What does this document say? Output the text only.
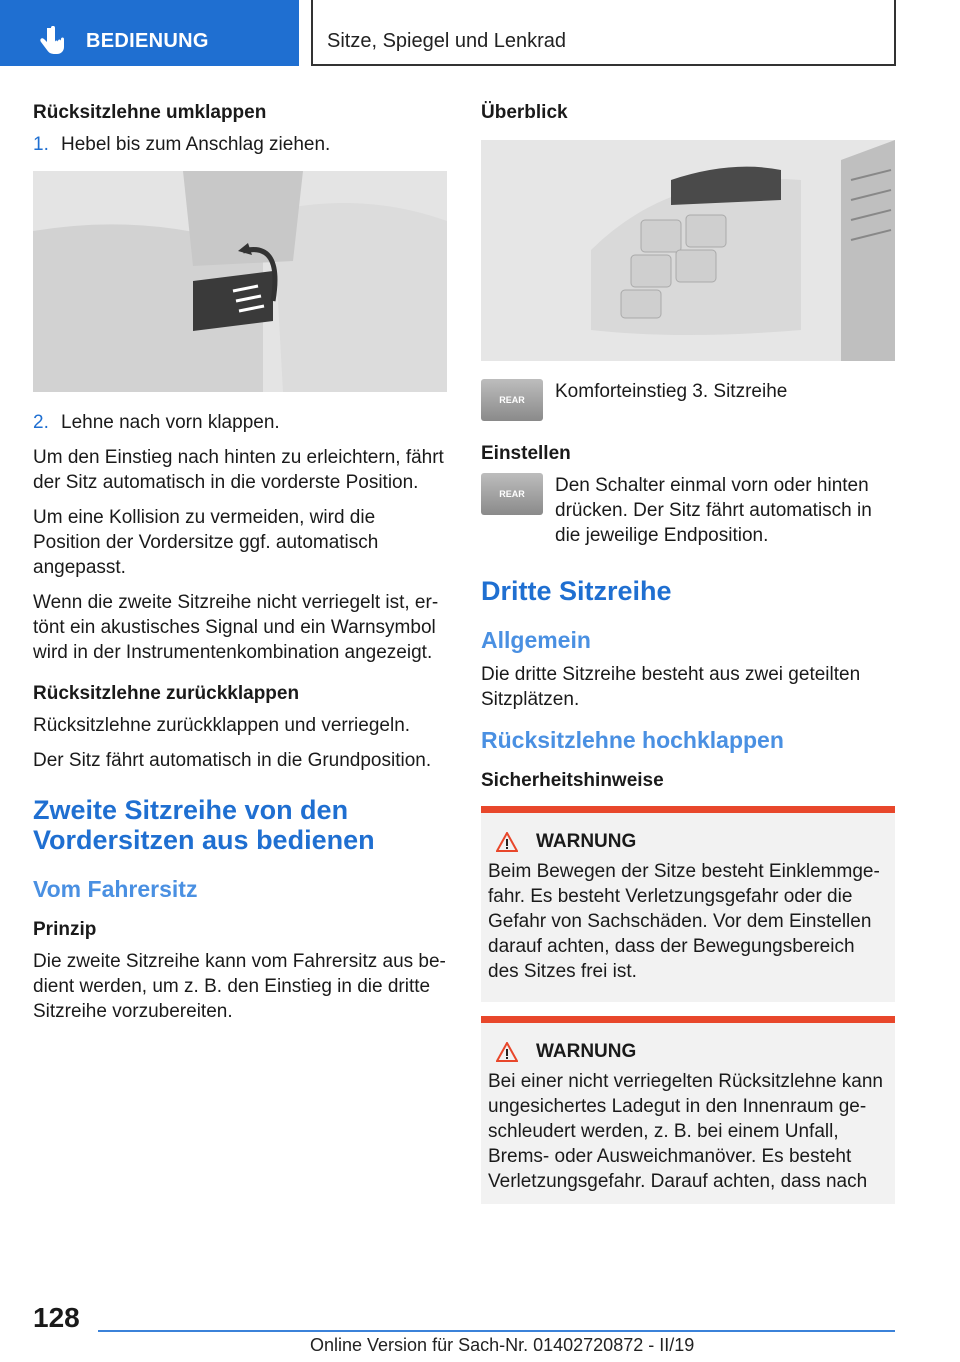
BEDIENUNG	Sitze, Spiegel und Lenkrad
Rücksitzlehne umklappen
1. Hebel bis zum Anschlag ziehen.
2. Lehne nach vorn klappen.

Um den Einstieg nach hinten zu erleichtern, fährt der Sitz automatisch in die vorderste Position.

Um eine Kollision zu vermeiden, wird die Position der Vordersitze ggf. automatisch angepasst.

Wenn die zweite Sitzreihe nicht verriegelt ist, er- tönt ein akustisches Signal und ein Warnsymbol wird in der Instrumentenkombination angezeigt.

Rücksitzlehne zurückklappen

Rücksitzlehne zurückklappen und verriegeln.

Der Sitz fährt automatisch in die Grundposition.

Zweite Sitzreihe von den Vordersitzen aus bedienen
Vom Fahrersitz
Prinzip

Die zweite Sitzreihe kann vom Fahrersitz aus be- dient werden, um z. B. den Einstieg in die dritte Sitzreihe vorzubereiten.

Überblick
REAR Komforteinstieg 3. Sitzreihe

Einstellen
REAR Den Schalter einmal vorn oder hinten drücken. Der Sitz fährt automatisch in die jeweilige Endposition.

Dritte Sitzreihe
Allgemein

Die dritte Sitzreihe besteht aus zwei geteilten Sitzplätzen.

Rücksitzlehne hochklappen
Sicherheitshinweise
WARNUNG

Beim Bewegen der Sitze besteht Einklemmge- fahr. Es besteht Verletzungsgefahr oder die Gefahr von Sachschäden. Vor dem Einstellen darauf achten, dass der Bewegungsbereich des Sitzes frei ist.

WARNUNG

Bei einer nicht verriegelten Rücksitzlehne kann ungesichertes Ladegut in den Innenraum ge- schleudert werden, z. B. bei einem Unfall, Brems- oder Ausweichmanöver. Es besteht Verletzungsgefahr. Darauf achten, dass nach

128
Online Version für Sach-Nr. 01402720872 - II/19
